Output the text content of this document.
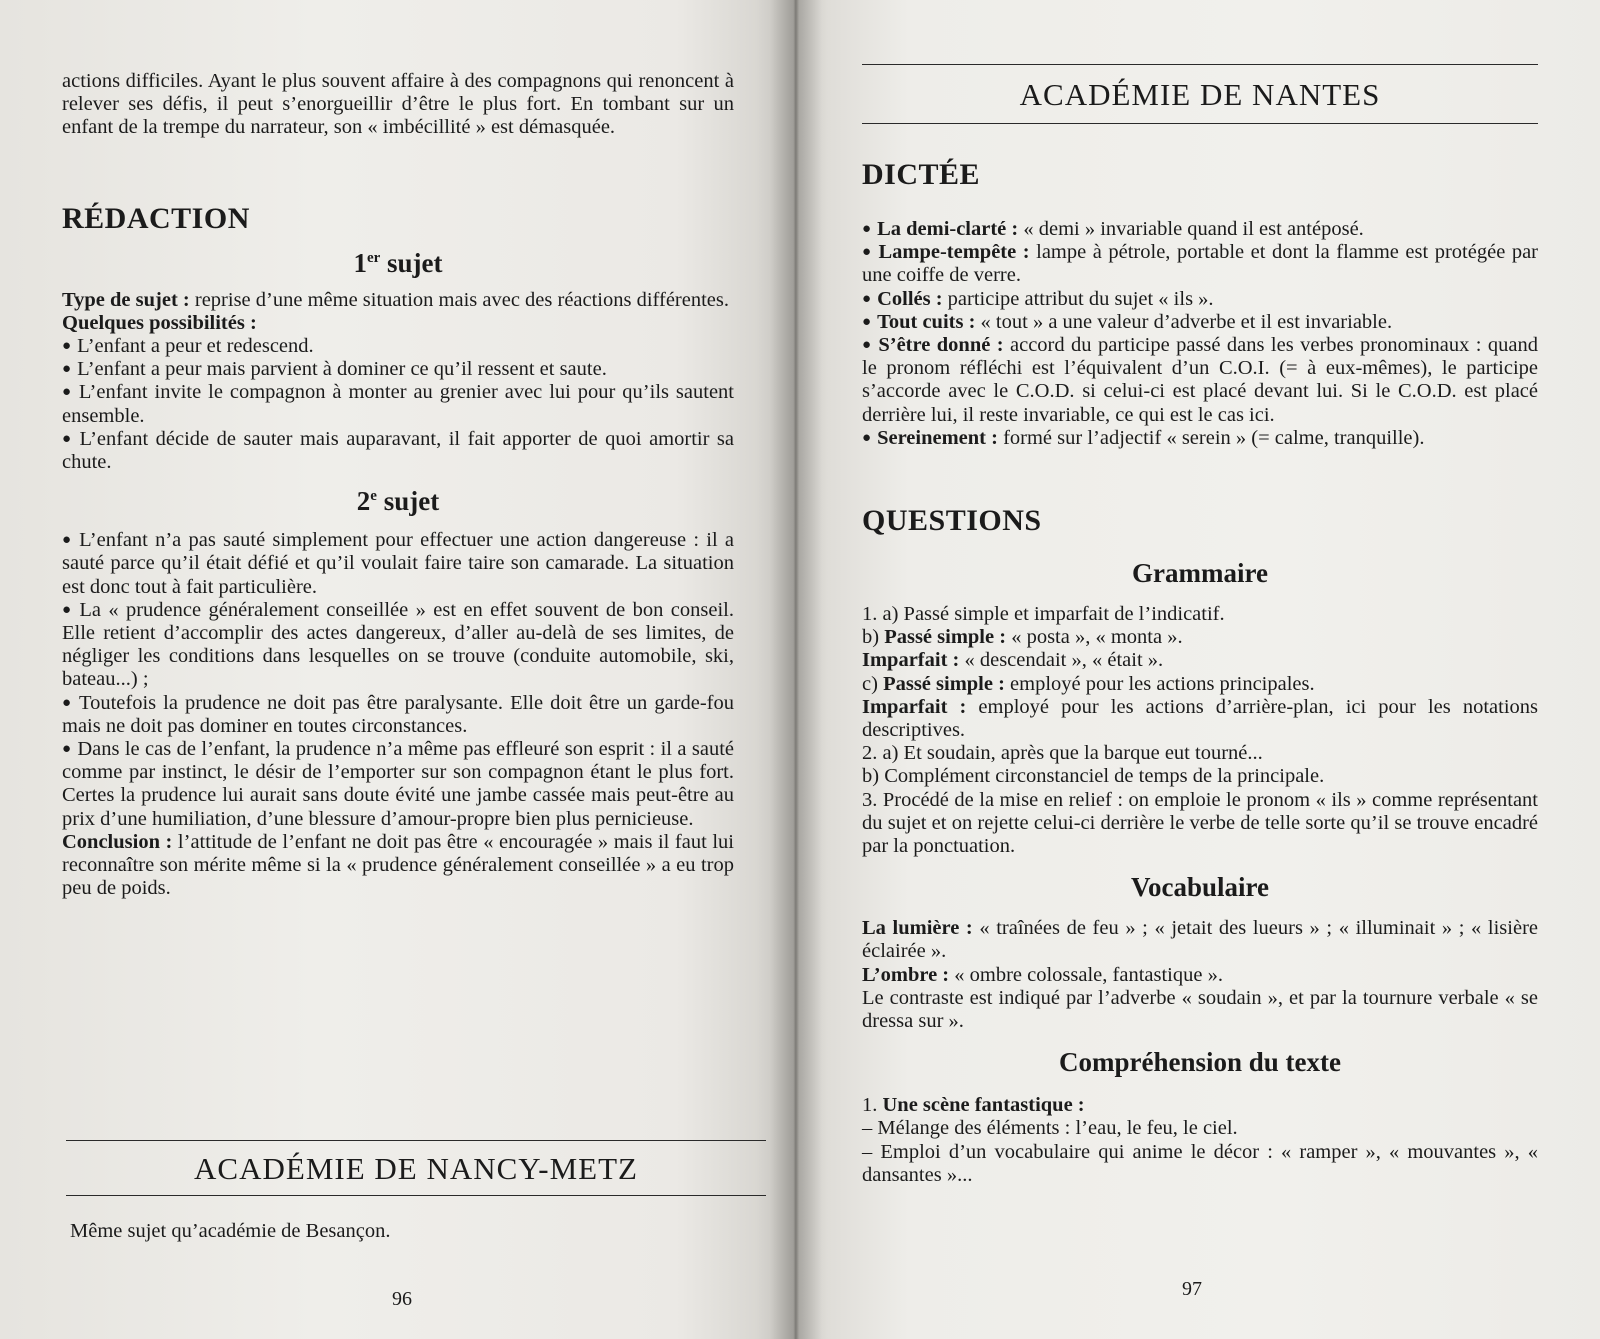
actions difficiles. Ayant le plus souvent affaire à des compagnons qui renoncent à relever ses défis, il peut s’enorgueillir d’être le plus fort. En tombant sur un enfant de la trempe du narrateur, son « imbécillité » est démasquée.

RÉDACTION
1er sujet

Type de sujet : reprise d’une même situation mais avec des réactions différentes.

Quelques possibilités :

● L’enfant a peur et redescend.

● L’enfant a peur mais parvient à dominer ce qu’il ressent et saute.

● L’enfant invite le compagnon à monter au grenier avec lui pour qu’ils sautent ensemble.

● L’enfant décide de sauter mais auparavant, il fait apporter de quoi amortir sa chute.

2e sujet

● L’enfant n’a pas sauté simplement pour effectuer une action dangereuse : il a sauté parce qu’il était défié et qu’il voulait faire taire son camarade. La situation est donc tout à fait particulière.

● La « prudence généralement conseillée » est en effet souvent de bon conseil. Elle retient d’accomplir des actes dangereux, d’aller au-delà de ses limites, de négliger les conditions dans lesquelles on se trouve (conduite automobile, ski, bateau...) ;

● Toutefois la prudence ne doit pas être paralysante. Elle doit être un garde-fou mais ne doit pas dominer en toutes circonstances.

● Dans le cas de l’enfant, la prudence n’a même pas effleuré son esprit : il a sauté comme par instinct, le désir de l’emporter sur son compagnon étant le plus fort. Certes la prudence lui aurait sans doute évité une jambe cassée mais peut-être au prix d’une humiliation, d’une blessure d’amour-propre bien plus pernicieuse.

Conclusion : l’attitude de l’enfant ne doit pas être « encouragée » mais il faut lui reconnaître son mérite même si la « prudence généralement conseillée » a eu trop peu de poids.

ACADÉMIE DE NANCY-METZ
Même sujet qu’académie de Besançon.
96
ACADÉMIE DE NANTES
DICTÉE

● La demi-clarté : « demi » invariable quand il est antéposé.

● Lampe-tempête : lampe à pétrole, portable et dont la flamme est protégée par une coiffe de verre.

● Collés : participe attribut du sujet « ils ».

● Tout cuits : « tout » a une valeur d’adverbe et il est invariable.

● S’être donné : accord du participe passé dans les verbes pronominaux : quand le pronom réfléchi est l’équivalent d’un C.O.I. (= à eux-mêmes), le participe s’accorde avec le C.O.D. si celui-ci est placé devant lui. Si le C.O.D. est placé derrière lui, il reste invariable, ce qui est le cas ici.

● Sereinement : formé sur l’adjectif « serein » (= calme, tranquille).

QUESTIONS
Grammaire

1. a) Passé simple et imparfait de l’indicatif.

b) Passé simple : « posta », « monta ».

Imparfait : « descendait », « était ».

c) Passé simple : employé pour les actions principales.

Imparfait : employé pour les actions d’arrière-plan, ici pour les notations descriptives.

2. a) Et soudain, après que la barque eut tourné...

b) Complément circonstanciel de temps de la principale.

3. Procédé de la mise en relief : on emploie le pronom « ils » comme représentant du sujet et on rejette celui-ci derrière le verbe de telle sorte qu’il se trouve encadré par la ponctuation.

Vocabulaire

La lumière : « traînées de feu » ; « jetait des lueurs » ; « illuminait » ; « lisière éclairée ».

L’ombre : « ombre colossale, fantastique ».

Le contraste est indiqué par l’adverbe « soudain », et par la tournure verbale « se dressa sur ».

Compréhension du texte

1. Une scène fantastique :

– Mélange des éléments : l’eau, le feu, le ciel.

– Emploi d’un vocabulaire qui anime le décor : « ramper », « mouvantes », « dansantes »...

97
